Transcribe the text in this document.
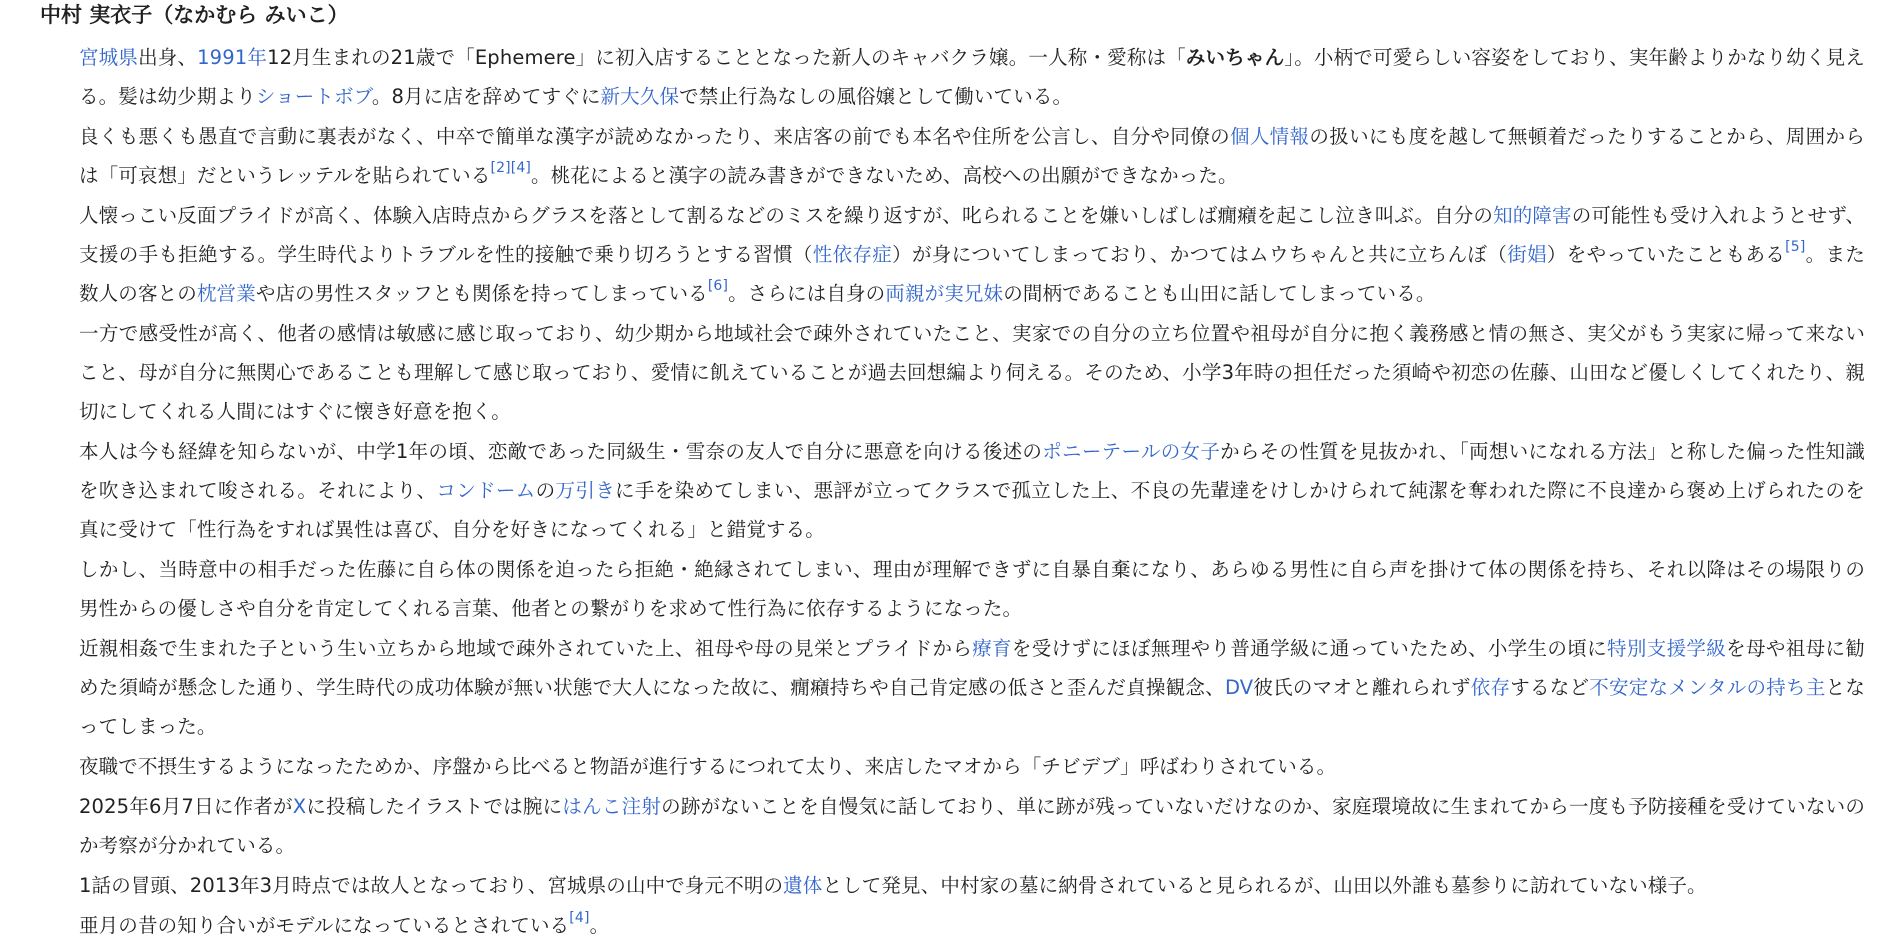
中村 実衣子（なかむら みいこ）

宮城県出身、1991年12月生まれの21歳で「Ephemere」に初入店することとなった新人のキャバクラ嬢。一人称・愛称は「みいちゃん」。小柄で可愛らしい容姿をしており、実年齢よりかなり幼く見える。髪は幼少期よりショートボブ。8月に店を辞めてすぐに新大久保で禁止行為なしの風俗嬢として働いている。

良くも悪くも愚直で言動に裏表がなく、中卒で簡単な漢字が読めなかったり、来店客の前でも本名や住所を公言し、自分や同僚の個人情報の扱いにも度を越して無頓着だったりすることから、周囲からは「可哀想」だというレッテルを貼られている[2][4]。桃花によると漢字の読み書きができないため、高校への出願ができなかった。

人懐っこい反面プライドが高く、体験入店時点からグラスを落として割るなどのミスを繰り返すが、叱られることを嫌いしばしば癇癪を起こし泣き叫ぶ。自分の知的障害の可能性も受け入れようとせず、支援の手も拒絶する。学生時代よりトラブルを性的接触で乗り切ろうとする習慣（性依存症）が身についてしまっており、かつてはムウちゃんと共に立ちんぼ（街娼）をやっていたこともある[5]。また数人の客との枕営業や店の男性スタッフとも関係を持ってしまっている[6]。さらには自身の両親が実兄妹の間柄であることも山田に話してしまっている。

一方で感受性が高く、他者の感情は敏感に感じ取っており、幼少期から地域社会で疎外されていたこと、実家での自分の立ち位置や祖母が自分に抱く義務感と情の無さ、実父がもう実家に帰って来ないこと、母が自分に無関心であることも理解して感じ取っており、愛情に飢えていることが過去回想編より伺える。そのため、小学3年時の担任だった須崎や初恋の佐藤、山田など優しくしてくれたり、親切にしてくれる人間にはすぐに懐き好意を抱く。

本人は今も経緯を知らないが、中学1年の頃、恋敵であった同級生・雪奈の友人で自分に悪意を向ける後述のポニーテールの女子からその性質を見抜かれ、「両想いになれる方法」と称した偏った性知識を吹き込まれて唆される。それにより、コンドームの万引きに手を染めてしまい、悪評が立ってクラスで孤立した上、不良の先輩達をけしかけられて純潔を奪われた際に不良達から褒め上げられたのを真に受けて「性行為をすれば異性は喜び、自分を好きになってくれる」と錯覚する。

しかし、当時意中の相手だった佐藤に自ら体の関係を迫ったら拒絶・絶縁されてしまい、理由が理解できずに自暴自棄になり、あらゆる男性に自ら声を掛けて体の関係を持ち、それ以降はその場限りの男性からの優しさや自分を肯定してくれる言葉、他者との繋がりを求めて性行為に依存するようになった。

近親相姦で生まれた子という生い立ちから地域で疎外されていた上、祖母や母の見栄とプライドから療育を受けずにほぼ無理やり普通学級に通っていたため、小学生の頃に特別支援学級を母や祖母に勧めた須崎が懸念した通り、学生時代の成功体験が無い状態で大人になった故に、癇癪持ちや自己肯定感の低さと歪んだ貞操観念、DV彼氏のマオと離れられず依存するなど不安定なメンタルの持ち主となってしまった。

夜職で不摂生するようになったためか、序盤から比べると物語が進行するにつれて太り、来店したマオから「チビデブ」呼ばわりされている。

2025年6月7日に作者がXに投稿したイラストでは腕にはんこ注射の跡がないことを自慢気に話しており、単に跡が残っていないだけなのか、家庭環境故に生まれてから一度も予防接種を受けていないのか考察が分かれている。

1話の冒頭、2013年3月時点では故人となっており、宮城県の山中で身元不明の遺体として発見、中村家の墓に納骨されていると見られるが、山田以外誰も墓参りに訪れていない様子。

亜月の昔の知り合いがモデルになっているとされている[4]。
